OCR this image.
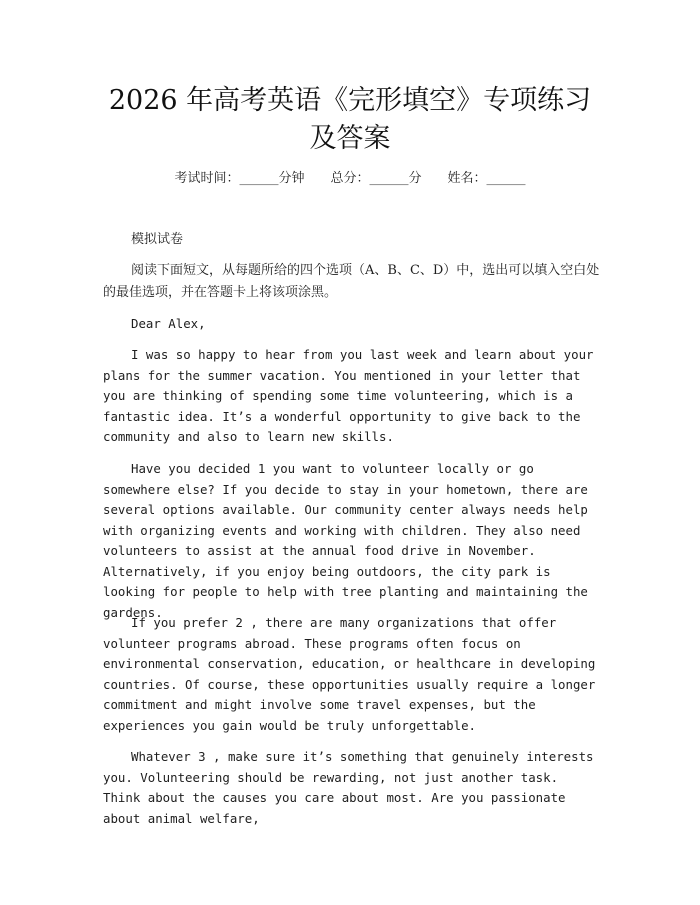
2026 年高考英语《完形填空》专项练习及答案
考试时间：______分钟 总分：______分 姓名：______

模拟试卷

阅读下面短文，从每题所给的四个选项（A、B、C、D）中，选出可以填入空白处的最佳选项，并在答题卡上将该项涂黑。

Dear Alex,

I was so happy to hear from you last week and learn about your plans for the summer vacation. You mentioned in your letter that you are thinking of spending some time volunteering, which is a fantastic idea. It’s a wonderful opportunity to give back to the community and also to learn new skills.

Have you decided 1 you want to volunteer locally or go somewhere else? If you decide to stay in your hometown, there are several options available. Our community center always needs help with organizing events and working with children. They also need volunteers to assist at the annual food drive in November. Alternatively, if you enjoy being outdoors, the city park is looking for people to help with tree planting and maintaining the gardens.

If you prefer 2 , there are many organizations that offer volunteer programs abroad. These programs often focus on environmental conservation, education, or healthcare in developing countries. Of course, these opportunities usually require a longer commitment and might involve some travel expenses, but the experiences you gain would be truly unforgettable.

Whatever 3 , make sure it’s something that genuinely interests you. Volunteering should be rewarding, not just another task. Think about the causes you care about most. Are you passionate about animal welfare,
